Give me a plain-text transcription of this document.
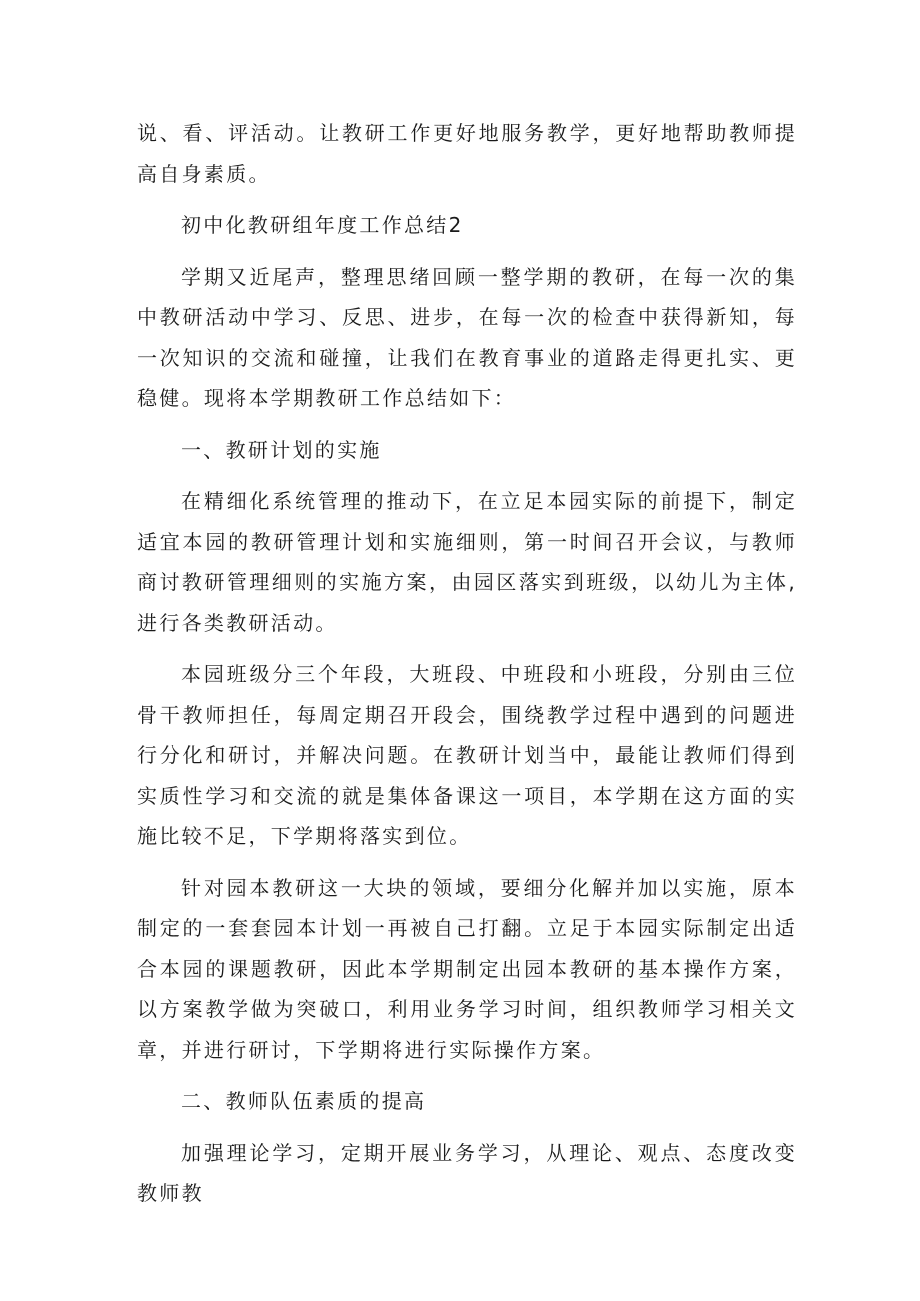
说、看、评活动。让教研工作更好地服务教学，更好地帮助教师提高自身素质。

初中化教研组年度工作总结2

学期又近尾声，整理思绪回顾一整学期的教研，在每一次的集中教研活动中学习、反思、进步，在每一次的检查中获得新知，每一次知识的交流和碰撞，让我们在教育事业的道路走得更扎实、更稳健。现将本学期教研工作总结如下：

一、教研计划的实施

在精细化系统管理的推动下，在立足本园实际的前提下，制定适宜本园的教研管理计划和实施细则，第一时间召开会议，与教师商讨教研管理细则的实施方案，由园区落实到班级，以幼儿为主体,进行各类教研活动。

本园班级分三个年段，大班段、中班段和小班段，分别由三位骨干教师担任，每周定期召开段会，围绕教学过程中遇到的问题进行分化和研讨，并解决问题。在教研计划当中，最能让教师们得到实质性学习和交流的就是集体备课这一项目，本学期在这方面的实施比较不足，下学期将落实到位。

针对园本教研这一大块的领域，要细分化解并加以实施，原本制定的一套套园本计划一再被自己打翻。立足于本园实际制定出适合本园的课题教研，因此本学期制定出园本教研的基本操作方案，以方案教学做为突破口，利用业务学习时间，组织教师学习相关文章，并进行研讨，下学期将进行实际操作方案。

二、教师队伍素质的提高

加强理论学习，定期开展业务学习，从理论、观点、态度改变教师教
